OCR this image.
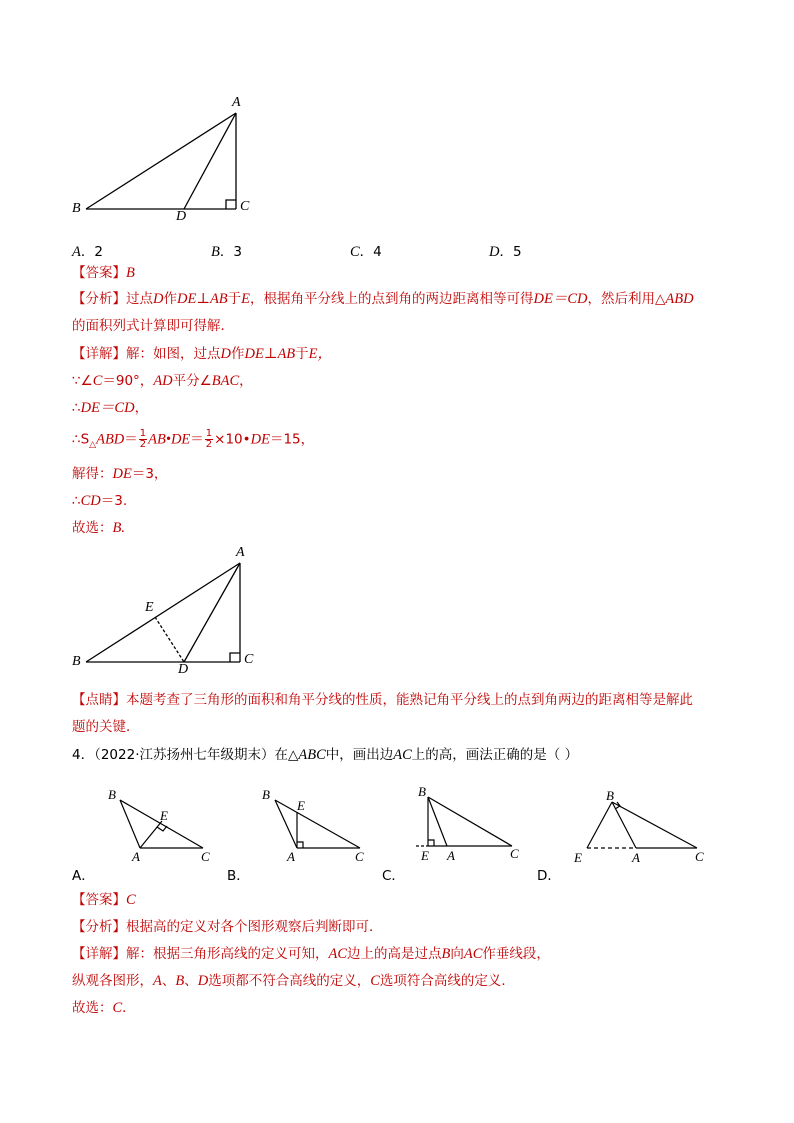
A
B	C
D
A．2	B．3	C．4	D．5
【答案】B
【分析】过点D作DE⊥AB于E，根据角平分线上的点到角的两边距离相等可得DE＝CD，然后利用△ABD
的面积列式计算即可得解．
【详解】解：如图，过点D作DE⊥AB于E，
∵∠C＝90°，AD平分∠BAC，
∴DE＝CD，
$\therefore S_\triangle ABD= \frac{1}{2}$ AB•DE＝ $\frac{1}{2}$ ×10•DE＝15，
解得：DE＝3，
∴CD＝3.
故选：B.
A
B	C
D
E
【点睛】本题考查了三角形的面积和角平分线的性质，能熟记角平分线上的点到角两边的距离相等是解此
题的关键．
4．（2022·江苏扬州七年级期末）在△ABC中，画出边AC上的高，画法正确的是（ ）
B
E
A	C
B
E
A	C
B
E A	C
B
E	A	C
A．	B．	C．	D．
【答案】C
【分析】根据高的定义对各个图形观察后判断即可．
【详解】解：根据三角形高线的定义可知，AC边上的高是过点B向AC作垂线段，
纵观各图形，A、B、D选项都不符合高线的定义，C选项符合高线的定义．
故选：C．
